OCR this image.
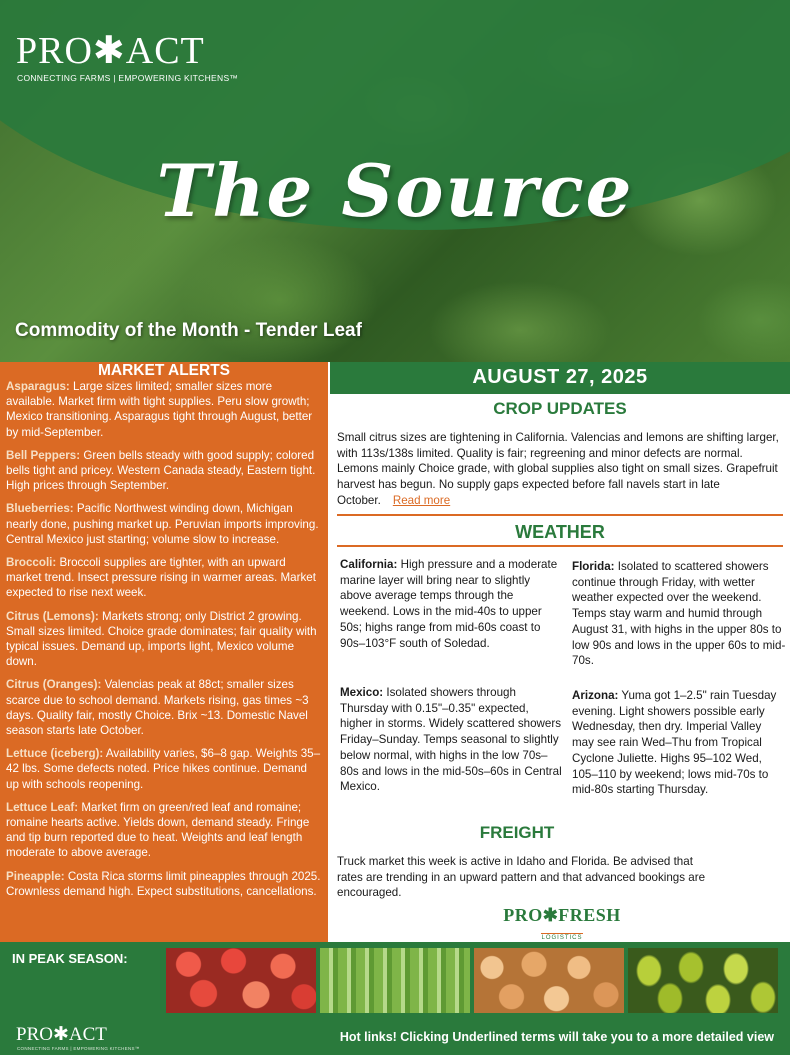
PRO✱ACT
CONNECTING FARMS | EMPOWERING KITCHENS™
The Source
Commodity of the Month - Tender Leaf
MARKET ALERTS
Asparagus: Large sizes limited; smaller sizes more available. Market firm with tight supplies. Peru slow growth; Mexico transitioning. Asparagus tight through August, better by mid-September.
Bell Peppers: Green bells steady with good supply; colored bells tight and pricey. Western Canada steady, Eastern tight. High prices through September.
Blueberries: Pacific Northwest winding down, Michigan nearly done, pushing market up. Peruvian imports improving. Central Mexico just starting; volume slow to increase.
Broccoli: Broccoli supplies are tighter, with an upward market trend. Insect pressure rising in warmer areas. Market expected to rise next week.
Citrus (Lemons): Markets strong; only District 2 growing. Small sizes limited. Choice grade dominates; fair quality with typical issues. Demand up, imports light, Mexico volume down.
Citrus (Oranges): Valencias peak at 88ct; smaller sizes scarce due to school demand. Markets rising, gas times ~3 days. Quality fair, mostly Choice. Brix ~13. Domestic Navel season starts late October.
Lettuce (iceberg): Availability varies, $6–8 gap. Weights 35–42 lbs. Some defects noted. Price hikes continue. Demand up with schools reopening.
Lettuce Leaf: Market firm on green/red leaf and romaine; romaine hearts active. Yields down, demand steady. Fringe and tip burn reported due to heat. Weights and leaf length moderate to above average.
Pineapple: Costa Rica storms limit pineapples through 2025. Crownless demand high. Expect substitutions, cancellations.
AUGUST 27, 2025
CROP UPDATES
Small citrus sizes are tightening in California. Valencias and lemons are shifting larger, with 113s/138s limited. Quality is fair; regreening and minor defects are normal. Lemons mainly Choice grade, with global supplies also tight on small sizes. Grapefruit harvest has begun. No supply gaps expected before fall navels start in late October. Read more
WEATHER
California: High pressure and a moderate marine layer will bring near to slightly above average temps through the weekend. Lows in the mid-40s to upper 50s; highs range from mid-60s coast to 90s–103°F south of Soledad.
Mexico: Isolated showers through Thursday with 0.15"–0.35" expected, higher in storms. Widely scattered showers Friday–Sunday. Temps seasonal to slightly below normal, with highs in the low 70s–80s and lows in the mid-50s–60s in Central Mexico.
Florida: Isolated to scattered showers continue through Friday, with wetter weather expected over the weekend. Temps stay warm and humid through August 31, with highs in the upper 80s to low 90s and lows in the upper 60s to mid-70s.
Arizona: Yuma got 1–2.5" rain Tuesday evening. Light showers possible early Wednesday, then dry. Imperial Valley may see rain Wed–Thu from Tropical Cyclone Juliette. Highs 95–102 Wed, 105–110 by weekend; lows mid-70s to mid-80s starting Thursday.
FREIGHT
Truck market this week is active in Idaho and Florida. Be advised that rates are trending in an upward pattern and that advanced bookings are encouraged.
PRO✱FRESH
LOGISTICS
IN PEAK SEASON:
PRO✱ACT
CONNECTING FARMS | EMPOWERING KITCHENS™
Hot links! Clicking Underlined terms will take you to a more detailed view
